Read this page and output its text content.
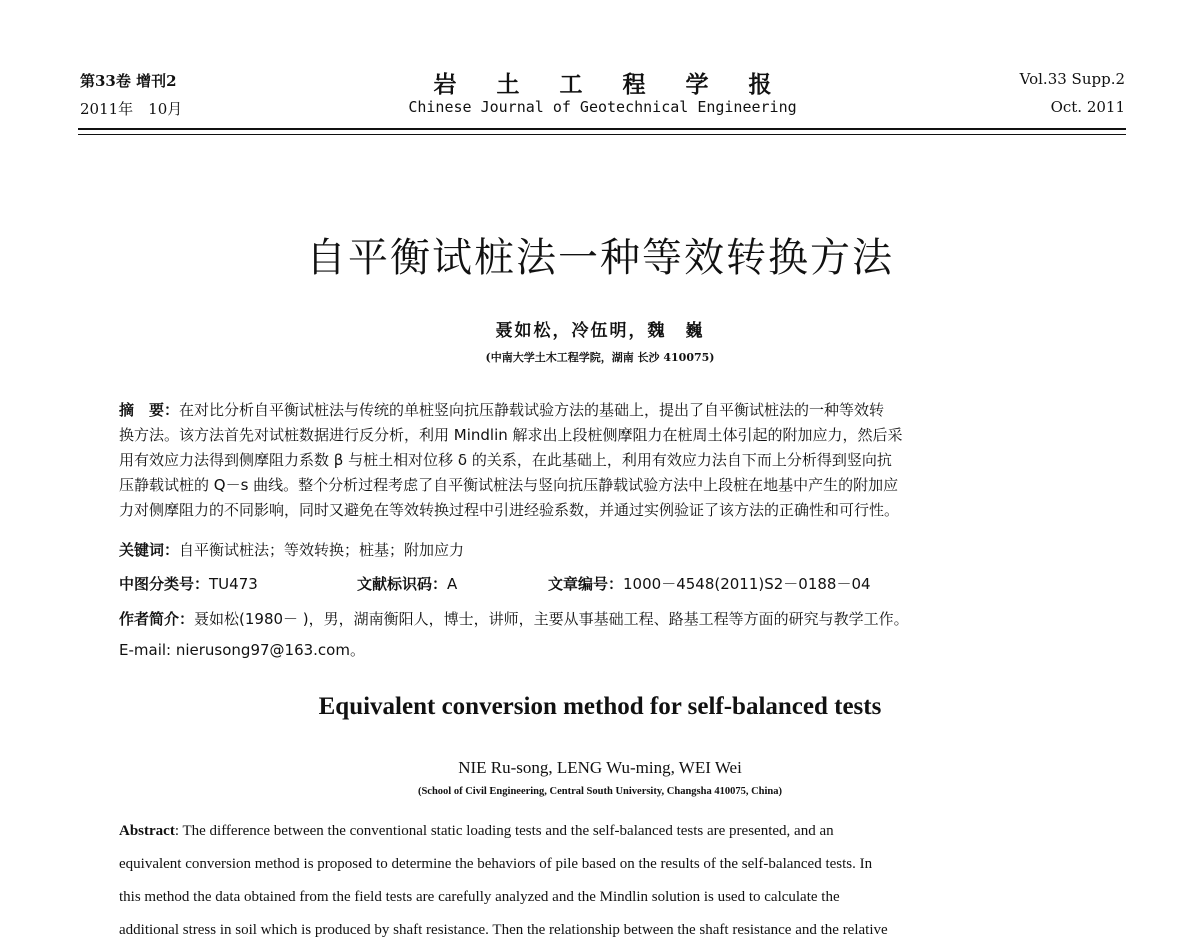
第33卷 增刊2
2011年　10月
岩土工程学报
Chinese Journal of Geotechnical Engineering
Vol.33 Supp.2
Oct. 2011
自平衡试桩法一种等效转换方法
聂如松，冷伍明，魏　巍
(中南大学土木工程学院，湖南 长沙 410075)
摘　要：在对比分析自平衡试桩法与传统的单桩竖向抗压静载试验方法的基础上，提出了自平衡试桩法的一种等效转
换方法。该方法首先对试桩数据进行反分析，利用 Mindlin 解求出上段桩侧摩阻力在桩周土体引起的附加应力，然后采
用有效应力法得到侧摩阻力系数 β 与桩土相对位移 δ 的关系，在此基础上，利用有效应力法自下而上分析得到竖向抗
压静载试桩的 Q－s 曲线。整个分析过程考虑了自平衡试桩法与竖向抗压静载试验方法中上段桩在地基中产生的附加应
力对侧摩阻力的不同影响，同时又避免在等效转换过程中引进经验系数，并通过实例验证了该方法的正确性和可行性。
关键词：自平衡试桩法；等效转换；桩基；附加应力
中图分类号：TU473	文献标识码：A	文章编号：1000－4548(2011)S2－0188－04
作者简介：聂如松(1980－ )，男，湖南衡阳人，博士，讲师，主要从事基础工程、路基工程等方面的研究与教学工作。
E-mail: nierusong97@163.com。
Equivalent conversion method for self-balanced tests
NIE Ru-song, LENG Wu-ming, WEI Wei
(School of Civil Engineering, Central South University, Changsha 410075, China)
Abstract: The difference between the conventional static loading tests and the self-balanced tests are presented, and an
equivalent conversion method is proposed to determine the behaviors of pile based on the results of the self-balanced tests. In
this method the data obtained from the field tests are carefully analyzed and the Mindlin solution is used to calculate the
additional stress in soil which is produced by shaft resistance. Then the relationship between the shaft resistance and the relative
